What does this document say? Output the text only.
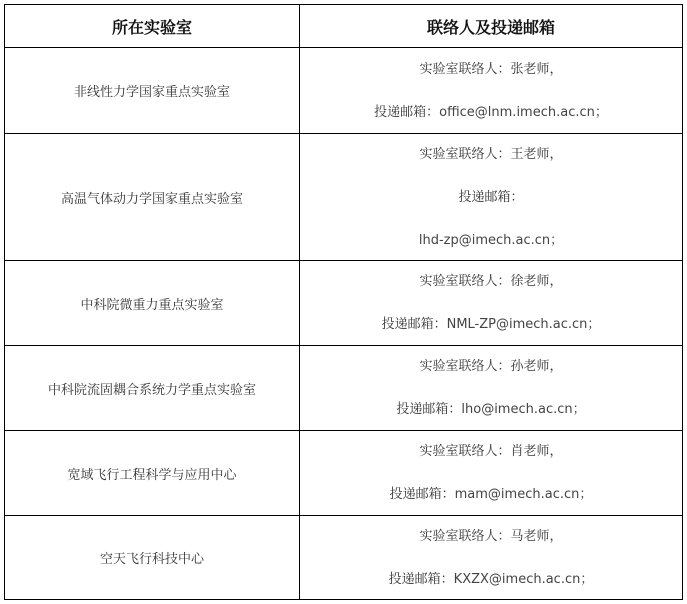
所在实验室	联络人及投递邮箱
非线性力学国家重点实验室	实验室联络人：张老师，
投递邮箱：office@lnm.imech.ac.cn；

高温气体动力学国家重点实验室	实验室联络人：王老师，
投递邮箱：
lhd-zp@imech.ac.cn；

中科院微重力重点实验室	实验室联络人：徐老师，
投递邮箱：NML-ZP@imech.ac.cn；

中科院流固耦合系统力学重点实验室	实验室联络人：孙老师，
投递邮箱：lho@imech.ac.cn；

宽域飞行工程科学与应用中心	实验室联络人：肖老师，
投递邮箱：mam@imech.ac.cn；

空天飞行科技中心	实验室联络人：马老师，
投递邮箱：KXZX@imech.ac.cn；
